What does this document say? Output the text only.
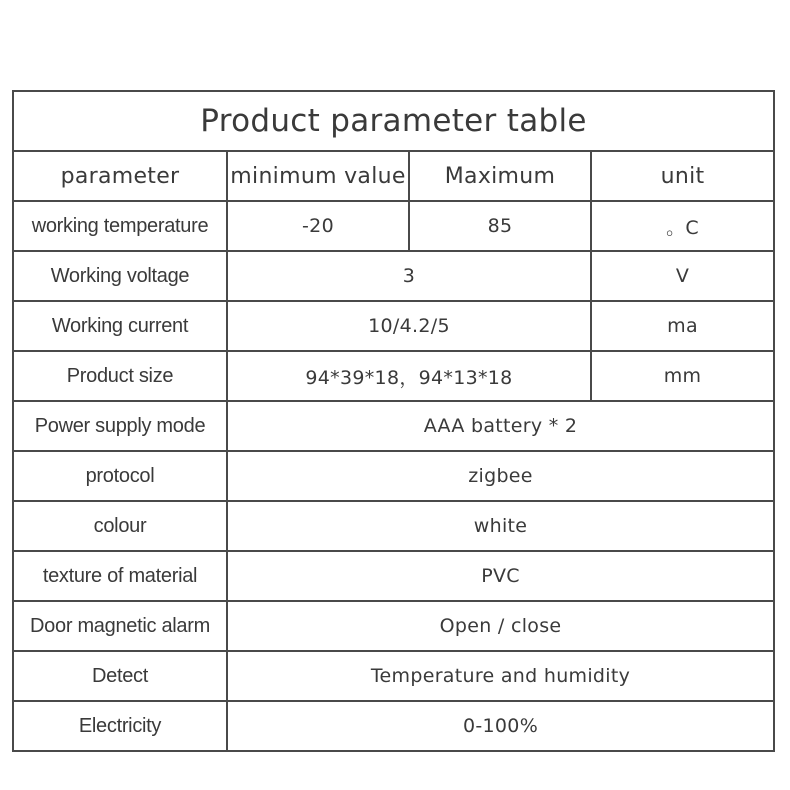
Product parameter table			
parameter	minimum value	Maximum	unit
working temperature	-20	85	。C
Working voltage	3		V
Working current	10/4.2/5		ma
Product size	94*39*18，94*13*18		mm
Power supply mode	AAA battery * 2		
protocol	zigbee		
colour	white		
texture of material	PVC		
Door magnetic alarm	Open / close		
Detect	Temperature and humidity		
Electricity	0-100%		
